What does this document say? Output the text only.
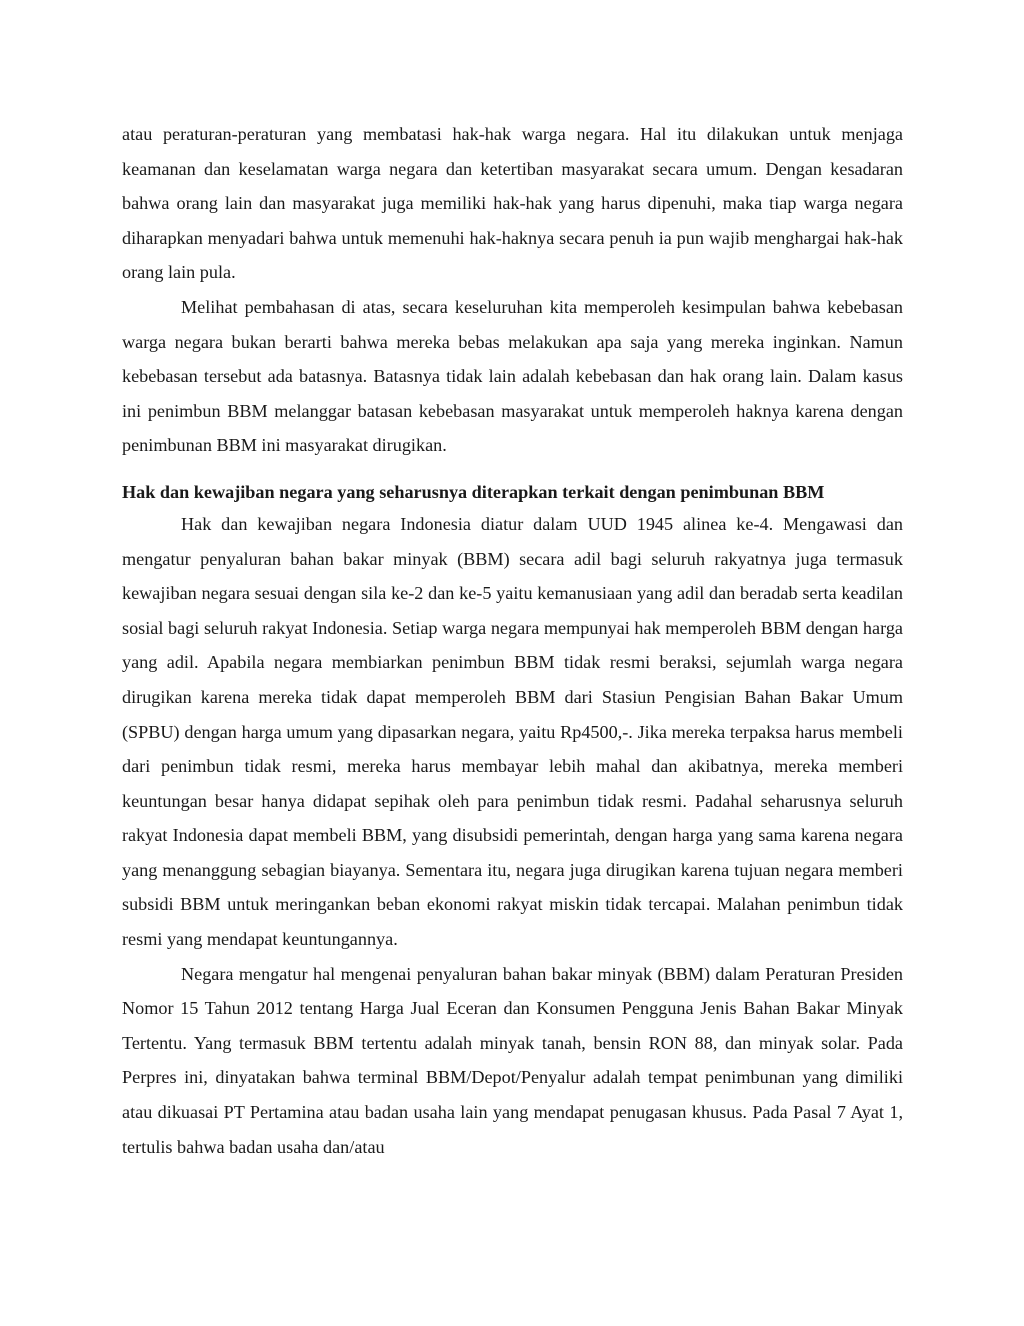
atau peraturan-peraturan yang membatasi hak-hak warga negara. Hal itu dilakukan untuk menjaga keamanan dan keselamatan warga negara dan ketertiban masyarakat secara umum. Dengan kesadaran bahwa orang lain dan masyarakat juga memiliki hak-hak yang harus dipenuhi, maka tiap warga negara diharapkan menyadari bahwa untuk memenuhi hak-haknya secara penuh ia pun wajib menghargai hak-hak orang lain pula.

Melihat pembahasan di atas, secara keseluruhan kita memperoleh kesimpulan bahwa kebebasan warga negara bukan berarti bahwa mereka bebas melakukan apa saja yang mereka inginkan. Namun kebebasan tersebut ada batasnya. Batasnya tidak lain adalah kebebasan dan hak orang lain. Dalam kasus ini penimbun BBM melanggar batasan kebebasan masyarakat untuk memperoleh haknya karena dengan penimbunan BBM ini masyarakat dirugikan.

Hak dan kewajiban negara yang seharusnya diterapkan terkait dengan penimbunan BBM

Hak dan kewajiban negara Indonesia diatur dalam UUD 1945 alinea ke-4. Mengawasi dan mengatur penyaluran bahan bakar minyak (BBM) secara adil bagi seluruh rakyatnya juga termasuk kewajiban negara sesuai dengan sila ke-2 dan ke-5 yaitu kemanusiaan yang adil dan beradab serta keadilan sosial bagi seluruh rakyat Indonesia. Setiap warga negara mempunyai hak memperoleh BBM dengan harga yang adil. Apabila negara membiarkan penimbun BBM tidak resmi beraksi, sejumlah warga negara dirugikan karena mereka tidak dapat memperoleh BBM dari Stasiun Pengisian Bahan Bakar Umum (SPBU) dengan harga umum yang dipasarkan negara, yaitu Rp4500,-. Jika mereka terpaksa harus membeli dari penimbun tidak resmi, mereka harus membayar lebih mahal dan akibatnya, mereka memberi keuntungan besar hanya didapat sepihak oleh para penimbun tidak resmi. Padahal seharusnya seluruh rakyat Indonesia dapat membeli BBM, yang disubsidi pemerintah, dengan harga yang sama karena negara yang menanggung sebagian biayanya. Sementara itu, negara juga dirugikan karena tujuan negara memberi subsidi BBM untuk meringankan beban ekonomi rakyat miskin tidak tercapai. Malahan penimbun tidak resmi yang mendapat keuntungannya.

Negara mengatur hal mengenai penyaluran bahan bakar minyak (BBM) dalam Peraturan Presiden Nomor 15 Tahun 2012 tentang Harga Jual Eceran dan Konsumen Pengguna Jenis Bahan Bakar Minyak Tertentu. Yang termasuk BBM tertentu adalah minyak tanah, bensin RON 88, dan minyak solar. Pada Perpres ini, dinyatakan bahwa terminal BBM/Depot/Penyalur adalah tempat penimbunan yang dimiliki atau dikuasai PT Pertamina atau badan usaha lain yang mendapat penugasan khusus. Pada Pasal 7 Ayat 1, tertulis bahwa badan usaha dan/atau
